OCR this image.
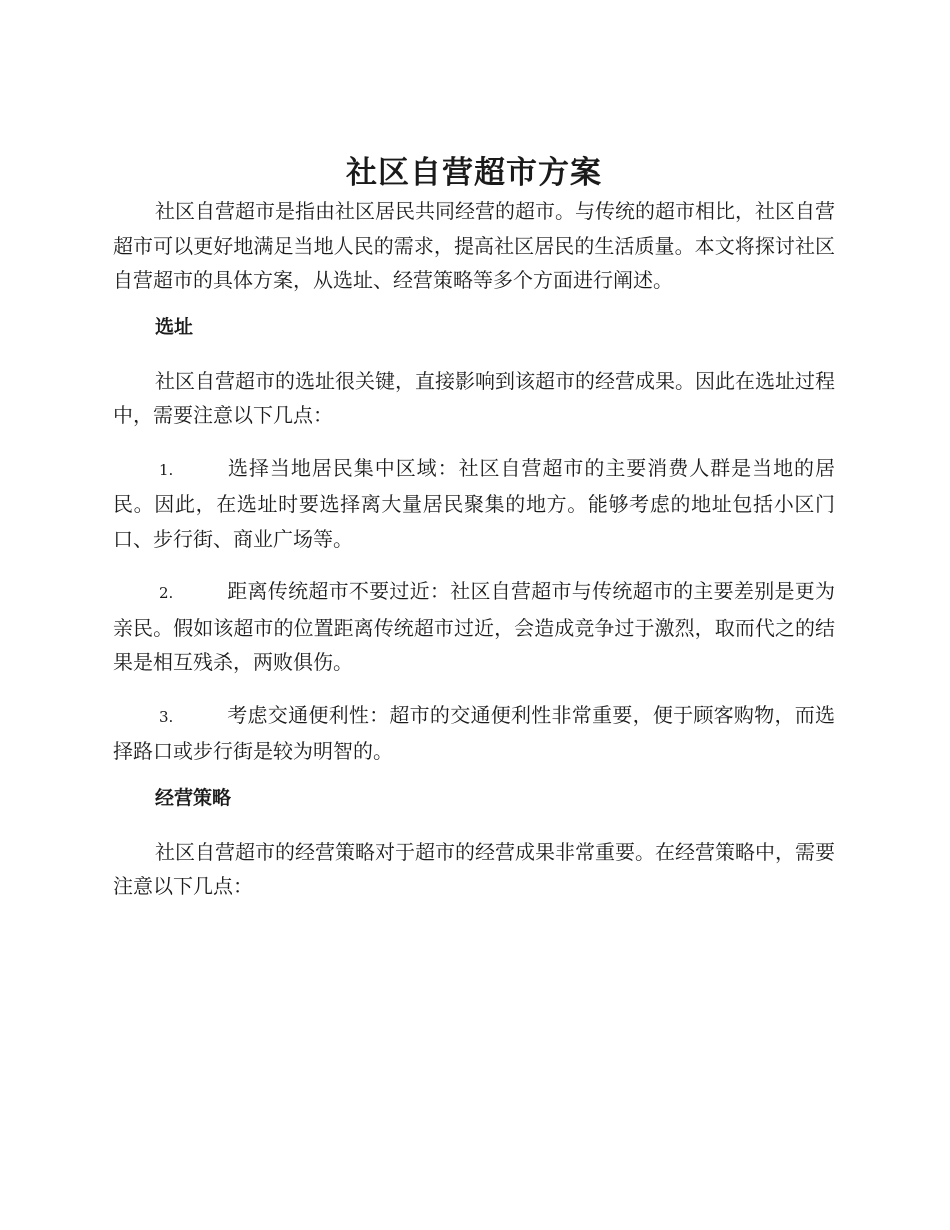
社区自营超市方案

社区自营超市是指由社区居民共同经营的超市。与传统的超市相比，社区自营超市可以更好地满足当地人民的需求，提高社区居民的生活质量。本文将探讨社区自营超市的具体方案，从选址、经营策略等多个方面进行阐述。

选址

社区自营超市的选址很关键，直接影响到该超市的经营成果。因此在选址过程中，需要注意以下几点：

1.	选择当地居民集中区域：社区自营超市的主要消费人群是当地的居民。因此，在选址时要选择离大量居民聚集的地方。能够考虑的地址包括小区门口、步行街、商业广场等。
2.	距离传统超市不要过近：社区自营超市与传统超市的主要差别是更为亲民。假如该超市的位置距离传统超市过近，会造成竞争过于激烈，取而代之的结果是相互残杀，两败俱伤。
3.	考虑交通便利性：超市的交通便利性非常重要，便于顾客购物，而选择路口或步行街是较为明智的。
经营策略

社区自营超市的经营策略对于超市的经营成果非常重要。在经营策略中，需要注意以下几点：
